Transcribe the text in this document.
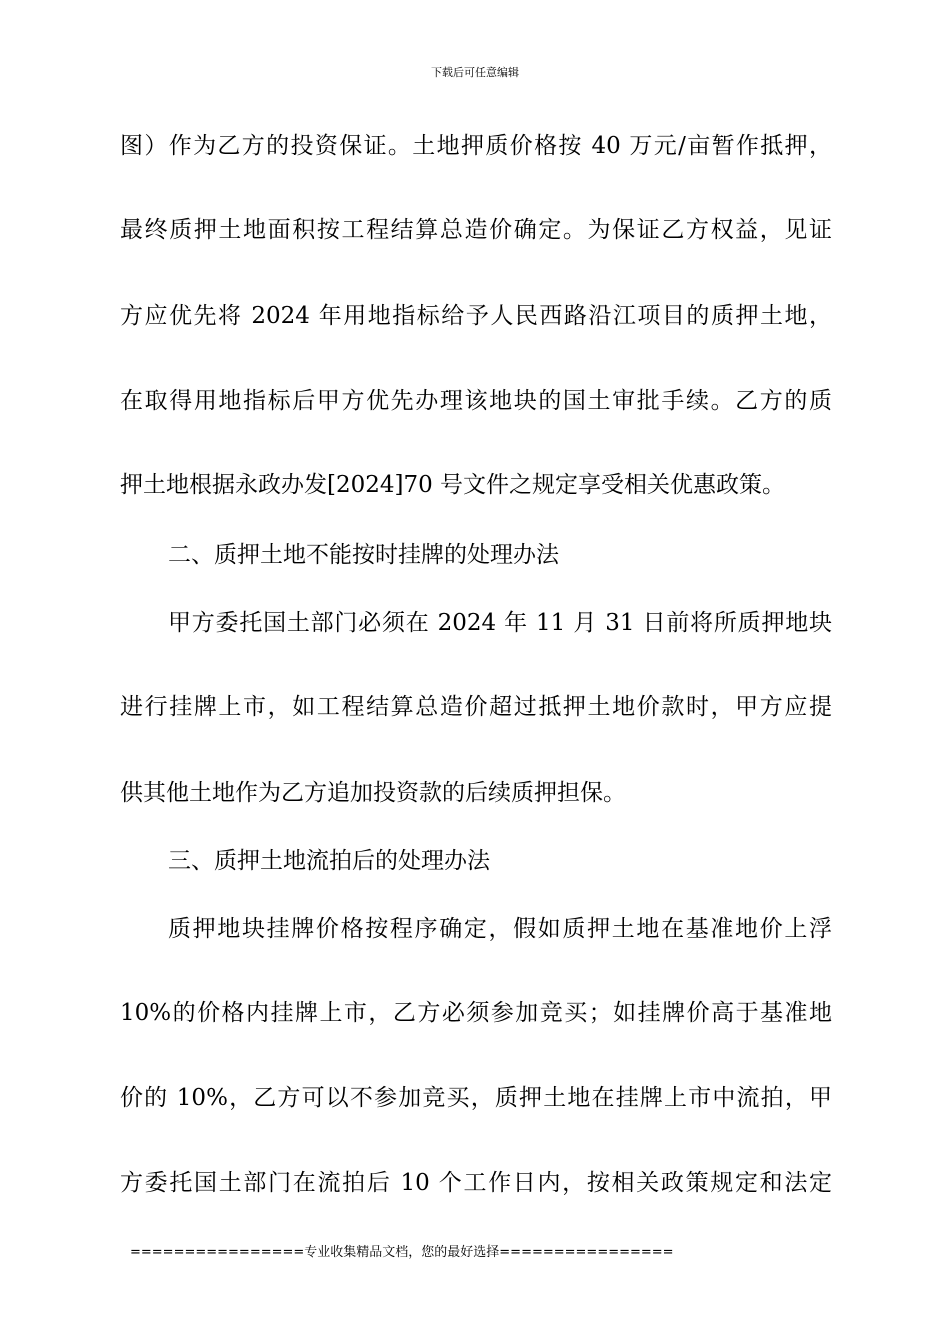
下载后可任意编辑
图）作为乙方的投资保证。土地押质价格按 40 万元/亩暂作抵押，
最终质押土地面积按工程结算总造价确定。为保证乙方权益，见证
方应优先将 2024 年用地指标给予人民西路沿江项目的质押土地，
在取得用地指标后甲方优先办理该地块的国土审批手续。乙方的质
押土地根据永政办发[2024]70 号文件之规定享受相关优惠政策。
二、质押土地不能按时挂牌的处理办法
甲方委托国土部门必须在 2024 年 11 月 31 日前将所质押地块
进行挂牌上市，如工程结算总造价超过抵押土地价款时，甲方应提
供其他土地作为乙方追加投资款的后续质押担保。
三、质押土地流拍后的处理办法
质押地块挂牌价格按程序确定，假如质押土地在基准地价上浮
10%的价格内挂牌上市，乙方必须参加竞买；如挂牌价高于基准地
价的 10%，乙方可以不参加竞买，质押土地在挂牌上市中流拍，甲
方委托国土部门在流拍后 10 个工作日内，按相关政策规定和法定
================专业收集精品文档，您的最好选择================
